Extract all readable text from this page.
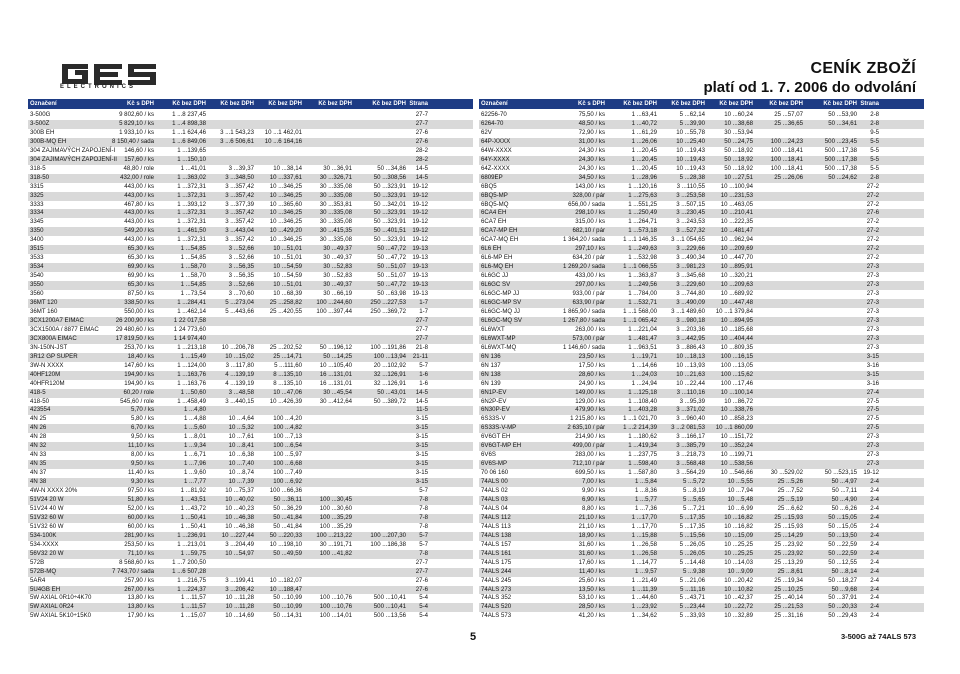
ELECTRONICS
CENÍK ZBOŽÍ
platí od 1. 7. 2006 do odvolání
Označení	Kč s DPH	Kč bez DPH	Kč bez DPH	Kč bez DPH	Kč bez DPH	Kč bez DPH Strana
3-500G	9 802,60 / ks	1 ...8 237,45	27-7
3-500Z	5 829,10 / ks	1 ...4 898,38	27-7
300B EH	1 933,10 / ks	1 ...1 624,46	3 ...1 543,23	10 ...1 462,01	27-6
300B-MQ EH	8 150,40 / sada	1 ...6 849,06	3 ...6 506,61	10 ...6 164,16	27-6
304 ZAJIMAVÝCH ZAPOJENÍ-I	146,60 / ks	1 ...139,65	28-2
304 ZAJIMAVÝCH ZAPOJENÍ-II	157,60 / ks	1 ...150,10	28-2
318-5	48,80 / role	1 ...41,01	3 ...39,37	10 ...38,14	30 ...36,91	50 ...34,86	14-5
318-50	432,00 / role	1 ...363,02	3 ...348,50	10 ...337,61	30 ...326,71	50 ...308,56	14-5
3315	443,00 / ks	1 ...372,31	3 ...357,42	10 ...346,25	30 ...335,08	50 ...323,91	19-12
3325	443,00 / ks	1 ...372,31	3 ...357,42	10 ...346,25	30 ...335,08	50 ...323,91	19-12
3333	467,80 / ks	1 ...393,12	3 ...377,39	10 ...365,60	30 ...353,81	50 ...342,01	19-12
3334	443,00 / ks	1 ...372,31	3 ...357,42	10 ...346,25	30 ...335,08	50 ...323,91	19-12
3345	443,00 / ks	1 ...372,31	3 ...357,42	10 ...346,25	30 ...335,08	50 ...323,91	19-12
3350	549,20 / ks	1 ...461,50	3 ...443,04	10 ...429,20	30 ...415,35	50 ...401,51	19-12
3400	443,00 / ks	1 ...372,31	3 ...357,42	10 ...346,25	30 ...335,08	50 ...323,91	19-12
3515	65,30 / ks	1 ...54,85	3 ...52,66	10 ...51,01	30 ...49,37	50 ...47,72	19-13
3533	65,30 / ks	1 ...54,85	3 ...52,66	10 ...51,01	30 ...49,37	50 ...47,72	19-13
3534	69,90 / ks	1 ...58,70	3 ...56,35	10 ...54,59	30 ...52,83	50 ...51,07	19-13
3540	69,90 / ks	1 ...58,70	3 ...56,35	10 ...54,59	30 ...52,83	50 ...51,07	19-13
3550	65,30 / ks	1 ...54,85	3 ...52,66	10 ...51,01	30 ...49,37	50 ...47,72	19-13
3560	87,50 / ks	1 ...73,54	3 ...70,60	10 ...68,39	30 ...66,19	50 ...63,98	19-13
36MT 120	338,50 / ks	1 ...284,41	5 ...273,04	25 ...258,82	100 ...244,60	250 ...227,53	1-7
36MT 160	550,00 / ks	1 ...462,14	5 ...443,66	25 ...420,55	100 ...397,44	250 ...369,72	1-7
3CX1200A7 EIMAC	26 200,90 / ks	1 22 017,58	27-7
3CX1500A / 8877 EIMAC	29 480,60 / ks	1 24 773,60	27-7
3CX800A EIMAC	17 819,50 / ks	1 14 974,40	27-7
3N-150N-JST	253,70 / ks	1 ...213,18	10 ...206,78	25 ...202,52	50 ...196,12	100 ...191,86	21-8
3R12 GP SUPER	18,40 / ks	1 ...15,49	10 ...15,02	25 ...14,71	50 ...14,25	100 ...13,94	21-11
3W-N XXXX	147,60 / ks	1 ...124,00	3 ...117,80	5 ...111,60	10 ...105,40	20 ...102,92	5-7
40HF120M	194,90 / ks	1 ...163,76	4 ...139,19	8 ...135,10	16 ...131,01	32 ...126,91	1-6
40HFR120M	194,90 / ks	1 ...163,76	4 ...139,19	8 ...135,10	16 ...131,01	32 ...126,91	1-6
418-5	60,20 / role	1 ...50,60	3 ...48,58	10 ...47,06	30 ...45,54	50 ...43,01	14-5
418-50	545,60 / role	1 ...458,49	3 ...440,15	10 ...426,39	30 ...412,64	50 ...389,72	14-5
423554	5,70 / ks	1 ...4,80	11-5
4N 25	5,80 / ks	1 ...4,88	10 ...4,64	100 ...4,20	3-15
4N 26	6,70 / ks	1 ...5,60	10 ...5,32	100 ...4,82	3-15
4N 28	9,50 / ks	1 ...8,01	10 ...7,61	100 ...7,13	3-15
4N 32	11,10 / ks	1 ...9,34	10 ...8,41	100 ...6,54	3-15
4N 33	8,00 / ks	1 ...6,71	10 ...6,38	100 ...5,97	3-15
4N 35	9,50 / ks	1 ...7,96	10 ...7,40	100 ...6,68	3-15
4N 37	11,40 / ks	1 ...9,60	10 ...8,74	100 ...7,49	3-15
4N 38	9,30 / ks	1 ...7,77	10 ...7,39	100 ...6,92	3-15
4W-N XXXX 20%	97,50 / ks	1 ...81,92	10 ...75,37	100 ...66,36	5-7
51V24 20 W	51,80 / ks	1 ...43,51	10 ...40,02	50 ...36,11	100 ...30,45	7-8
51V24 40 W	52,00 / ks	1 ...43,72	10 ...40,23	50 ...36,29	100 ...30,60	7-8
51V32 60 W	60,00 / ks	1 ...50,41	10 ...46,38	50 ...41,84	100 ...35,29	7-8
51V32 60 W	60,00 / ks	1 ...50,41	10 ...46,38	50 ...41,84	100 ...35,29	7-8
534-100K	281,90 / ks	1 ...236,91	10 ...227,44	50 ...220,33	100 ...213,22	100 ...207,30	5-7
534-XXXX	253,50 / ks	1 ...213,01	3 ...204,49	10 ...198,10	30 ...191,71	100 ...186,38	5-7
56V32 20 W	71,10 / ks	1 ...59,75	10 ...54,97	50 ...49,59	100 ...41,82	7-8
572B	8 568,60 / ks	1 ...7 200,50	27-7
572B-MQ	7 743,70 / sada	1 ...6 507,28	27-7
5AR4	257,90 / ks	1 ...216,75	3 ...199,41	10 ...182,07	27-6
5U4GB EH	267,00 / ks	1 ...224,37	3 ...206,42	10 ...188,47	27-6
5W AXIAL 0R10÷4K70	13,80 / ks	1 ...11,57	10 ...11,28	50 ...10,99	100 ...10,76	500 ...10,41	5-4
5W AXIAL 0R24	13,80 / ks	1 ...11,57	10 ...11,28	50 ...10,99	100 ...10,76	500 ...10,41	5-4
5W AXIAL 5K10÷15K0	17,90 / ks	1 ...15,07	10 ...14,69	50 ...14,31	100 ...14,01	500 ...13,56	5-4
Označení	Kč s DPH	Kč bez DPH	Kč bez DPH	Kč bez DPH	Kč bez DPH	Kč bez DPH Strana
62256-70	75,50 / ks	1 ...63,41	5 ...62,14	10 ...60,24	25 ...57,07	50 ...53,90	2-8
6264-70	48,50 / ks	1 ...40,72	5 ...39,90	10 ...38,68	25 ...36,65	50 ...34,61	2-8
62V	72,90 / ks	1 ...61,29	10 ...55,78	30 ...53,94	9-5
64P-XXXX	31,00 / ks	1 ...26,06	10 ...25,40	50 ...24,75	100 ...24,23	500 ...23,45	5-5
64W-XXXX	24,30 / ks	1 ...20,45	10 ...19,43	50 ...18,92	100 ...18,41	500 ...17,38	5-5
64Y-XXXX	24,30 / ks	1 ...20,45	10 ...19,43	50 ...18,92	100 ...18,41	500 ...17,38	5-5
64Z-XXXX	24,30 / ks	1 ...20,45	10 ...19,43	50 ...18,92	100 ...18,41	500 ...17,38	5-5
6809EP	34,50 / ks	1 ...28,96	5 ...28,38	10 ...27,51	25 ...26,06	50 ...24,62	2-8
6BQ5	143,00 / ks	1 ...120,16	3 ...110,55	10 ...100,94	27-2
6BQ5-MP	328,00 / pár	1 ...275,63	3 ...253,58	10 ...231,53	27-2
6BQ5-MQ	656,00 / sada	1 ...551,25	3 ...507,15	10 ...463,05	27-2
6CA4 EH	298,10 / ks	1 ...250,49	3 ...230,45	10 ...210,41	27-6
6CA7 EH	315,00 / ks	1 ...264,71	3 ...243,53	10 ...222,35	27-2
6CA7-MP EH	682,10 / pár	1 ...573,18	3 ...527,32	10 ...481,47	27-2
6CA7-MQ EH	1 364,20 / sada	1 ...1 146,35	3 ...1 054,65	10 ...962,94	27-2
6L6 EH	297,10 / ks	1 ...249,63	3 ...229,66	10 ...209,69	27-2
6L6-MP EH	634,20 / pár	1 ...532,98	3 ...490,34	10 ...447,70	27-2
6L6-MQ EH	1 269,20 / sada	1 ...1 066,55	3 ...981,23	10 ...895,91	27-3
6L6GC JJ	433,00 / ks	1 ...363,87	3 ...345,68	10 ...320,21	27-3
6L6GC SV	297,00 / ks	1 ...249,56	3 ...229,60	10 ...209,63	27-3
6L6GC-MP JJ	933,00 / pár	1 ...784,00	3 ...744,80	10 ...689,92	27-3
6L6GC-MP SV	633,90 / pár	1 ...532,71	3 ...490,09	10 ...447,48	27-3
6L6GC-MQ JJ	1 865,90 / sada	1 ...1 568,00	3 ...1 489,60	10 ...1 379,84	27-3
6L6GC-MQ SV	1 267,80 / sada	1 ...1 065,42	3 ...980,18	10 ...894,95	27-3
6L6WXT	263,00 / ks	1 ...221,04	3 ...203,36	10 ...185,68	27-3
6L6WXT-MP	573,00 / pár	1 ...481,47	3 ...442,95	10 ...404,44	27-3
6L6WXT-MQ	1 146,60 / sada	1 ...963,51	3 ...886,43	10 ...809,35	27-3
6N 136	23,50 / ks	1 ...19,71	10 ...18,13	100 ...16,15	3-15
6N 137	17,50 / ks	1 ...14,66	10 ...13,93	100 ...13,05	3-16
6N 138	28,60 / ks	1 ...24,03	10 ...21,63	100 ...15,62	3-15
6N 139	24,90 / ks	1 ...24,94	10 ...22,44	100 ...17,46	3-16
6N1P-EV	149,00 / ks	1 ...125,18	3 ...110,16	10 ...100,14	27-4
6N2P-EV	129,00 / ks	1 ...108,40	3 ...95,39	10 ...86,72	27-5
6N30P-EV	479,90 / ks	1 ...403,28	3 ...371,02	10 ...338,76	27-5
6S33S-V	1 215,80 / ks	1 ...1 021,70	3 ...960,40	10 ...858,23	27-5
6S33S-V-MP	2 635,10 / pár	1 ...2 214,39	3 ...2 081,53	10 ...1 860,09	27-5
6V6GT EH	214,90 / ks	1 ...180,62	3 ...166,17	10 ...151,72	27-3
6V6GT-MP EH	499,00 / pár	1 ...419,34	3 ...385,79	10 ...352,24	27-3
6V6S	283,00 / ks	1 ...237,75	3 ...218,73	10 ...199,71	27-3
6V6S-MP	712,10 / pár	1 ...598,40	3 ...568,48	10 ...538,56	27-3
70 06 160	699,50 / ks	1 ...587,80	3 ...564,29	10 ...546,66	30 ...529,02	50 ...523,15	19-12
74ALS 00	7,00 / ks	1 ...5,84	5 ...5,72	10 ...5,55	25 ...5,26	50 ...4,97	2-4
74ALS 02	9,90 / ks	1 ...8,36	5 ...8,19	10 ...7,94	25 ...7,52	50 ...7,11	2-4
74ALS 03	6,90 / ks	1 ...5,77	5 ...5,65	10 ...5,48	25 ...5,19	50 ...4,90	2-4
74ALS 04	8,80 / ks	1 ...7,36	5 ...7,21	10 ...6,99	25 ...6,62	50 ...6,26	2-4
74ALS 112	21,10 / ks	1 ...17,70	5 ...17,35	10 ...16,82	25 ...15,93	50 ...15,05	2-4
74ALS 113	21,10 / ks	1 ...17,70	5 ...17,35	10 ...16,82	25 ...15,93	50 ...15,05	2-4
74ALS 138	18,90 / ks	1 ...15,88	5 ...15,56	10 ...15,09	25 ...14,29	50 ...13,50	2-4
74ALS 157	31,60 / ks	1 ...26,58	5 ...26,05	10 ...25,25	25 ...23,92	50 ...22,59	2-4
74ALS 161	31,60 / ks	1 ...26,58	5 ...26,05	10 ...25,25	25 ...23,92	50 ...22,59	2-4
74ALS 175	17,60 / ks	1 ...14,77	5 ...14,48	10 ...14,03	25 ...13,29	50 ...12,55	2-4
74ALS 244	11,40 / ks	1 ...9,57	5 ...9,38	10 ...9,09	25 ...8,61	50 ...8,14	2-4
74ALS 245	25,60 / ks	1 ...21,49	5 ...21,06	10 ...20,42	25 ...19,34	50 ...18,27	2-4
74ALS 273	13,50 / ks	1 ...11,39	5 ...11,16	10 ...10,82	25 ...10,25	50 ...9,68	2-4
74ALS 352	53,10 / ks	1 ...44,60	5 ...43,71	10 ...42,37	25 ...40,14	50 ...37,91	2-4
74ALS 520	28,50 / ks	1 ...23,92	5 ...23,44	10 ...22,72	25 ...21,53	50 ...20,33	2-4
74ALS 573	41,20 / ks	1 ...34,62	5 ...33,93	10 ...32,89	25 ...31,16	50 ...29,43	2-4
5	3-500G až 74ALS 573
